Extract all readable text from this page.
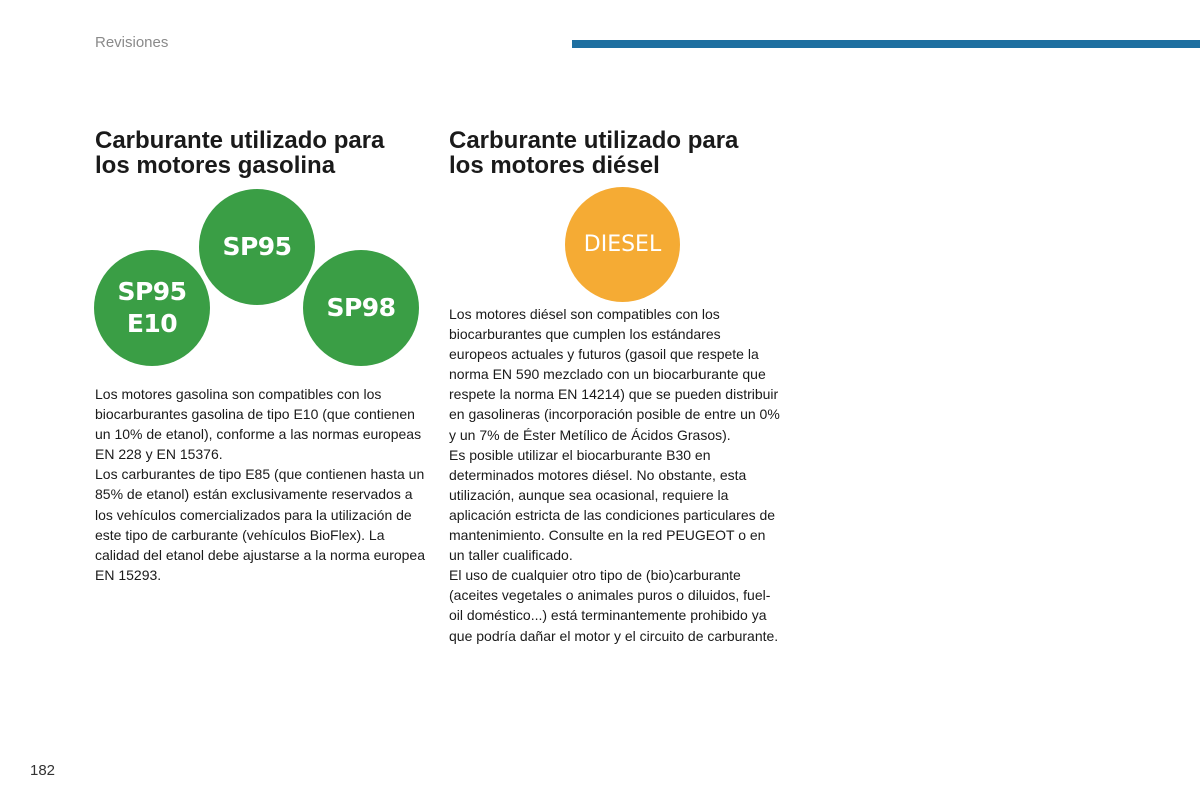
Revisiones
Carburante utilizado para
los motores gasolina
SP95
SP95
E10
SP98

Los motores gasolina son compatibles con los biocarburantes gasolina de tipo E10 (que contienen un 10% de etanol), conforme a las normas europeas EN 228 y EN 15376.

Los carburantes de tipo E85 (que contienen hasta un 85% de etanol) están exclusivamente reservados a los vehículos comercializados para la utilización de este tipo de carburante (vehículos BioFlex). La calidad del etanol debe ajustarse a la norma europea EN 15293.

Carburante utilizado para
los motores diésel
DIESEL

Los motores diésel son compatibles con los biocarburantes que cumplen los estándares europeos actuales y futuros (gasoil que respete la norma EN 590 mezclado con un biocarburante que respete la norma EN 14214) que se pueden distribuir en gasolineras (incorporación posible de entre un 0% y un 7% de Éster Metílico de Ácidos Grasos).

Es posible utilizar el biocarburante B30 en determinados motores diésel. No obstante, esta utilización, aunque sea ocasional, requiere la aplicación estricta de las condiciones particulares de mantenimiento. Consulte en la red PEUGEOT o en un taller cualificado.

El uso de cualquier otro tipo de (bio)carburante (aceites vegetales o animales puros o diluidos, fuel-oil doméstico...) está terminantemente prohibido ya que podría dañar el motor y el circuito de carburante.

182
